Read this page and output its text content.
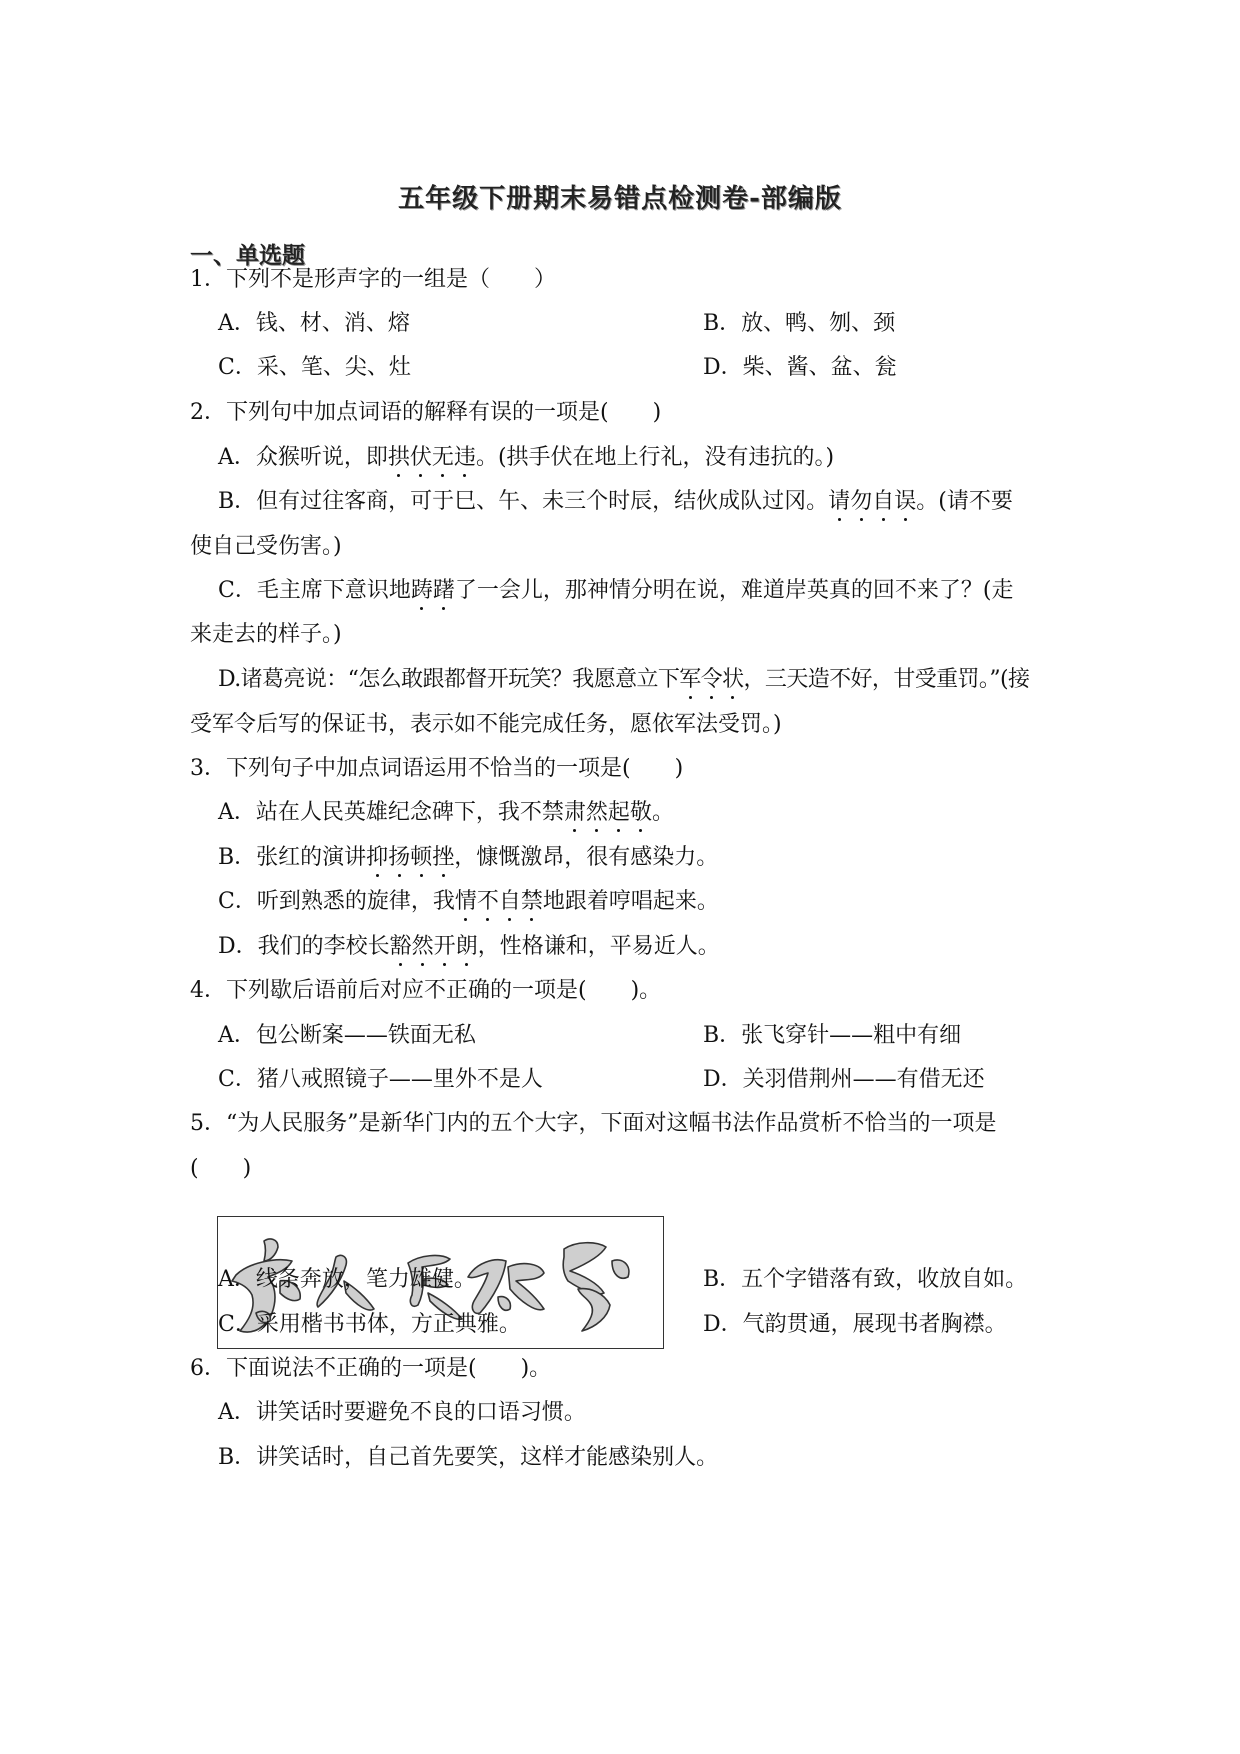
五年级下册期末易错点检测卷-部编版
一、单选题
1．下列不是形声字的一组是（　　）
A．钱、材、消、熔	B．放、鸭、刎、颈
C．采、笔、尖、灶	D．柴、酱、盆、瓮
2．下列句中加点词语的解释有误的一项是(　　)
A．众猴听说，即拱伏无违。(拱手伏在地上行礼，没有违抗的。)
B．但有过往客商，可于巳、午、未三个时辰，结伙成队过冈。请勿自误。(请不要
使自己受伤害。)
C．毛主席下意识地踌躇了一会儿，那神情分明在说，难道岸英真的回不来了？(走
来走去的样子。)
D.诸葛亮说：“怎么敢跟都督开玩笑？我愿意立下军令状，三天造不好，甘受重罚。”(接
受军令后写的保证书，表示如不能完成任务，愿依军法受罚。)
3．下列句子中加点词语运用不恰当的一项是(　　)
A．站在人民英雄纪念碑下，我不禁肃然起敬。
B．张红的演讲抑扬顿挫，慷慨激昂，很有感染力。
C．听到熟悉的旋律，我情不自禁地跟着哼唱起来。
D．我们的李校长豁然开朗，性格谦和，平易近人。
4．下列歇后语前后对应不正确的一项是(　　)。
A．包公断案——铁面无私	B．张飞穿针——粗中有细
C．猪八戒照镜子——里外不是人	D．关羽借荆州——有借无还
5．“为人民服务”是新华门内的五个大字，下面对这幅书法作品赏析不恰当的一项是
(　　)
A．线条奔放，笔力雄健。	B．五个字错落有致，收放自如。
C．采用楷书书体，方正典雅。	D．气韵贯通，展现书者胸襟。
6．下面说法不正确的一项是(　　)。
A．讲笑话时要避免不良的口语习惯。
B．讲笑话时，自己首先要笑，这样才能感染别人。
